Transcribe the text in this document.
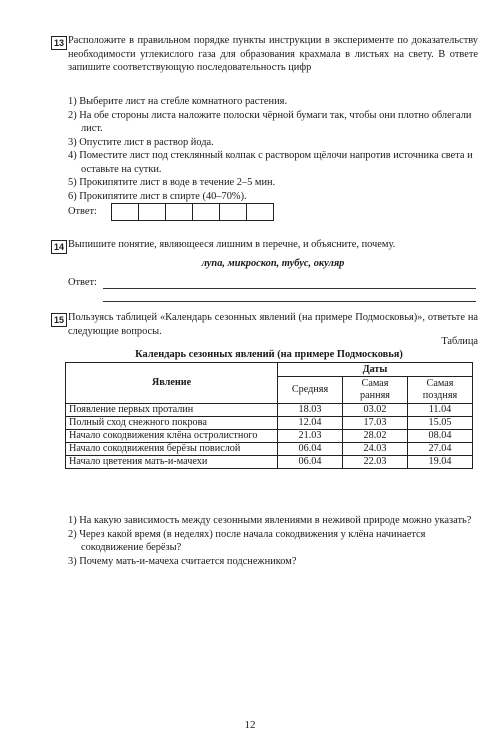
13 Расположите в правильном порядке пункты инструкции в эксперименте по доказательству необходимости углекислого газа для образования крахмала в листьях на свету. В ответе запишите соответствующую последовательность цифр

1) Выберите лист на стебле комнатного растения.

2) На обе стороны листа наложите полоски чёрной бумаги так, чтобы они плотно облегали лист.

3) Опустите лист в раствор йода.

4) Поместите лист под стеклянный колпак с раствором щёлочи напротив источника света и оставьте на сутки.

5) Прокипятите лист в воде в течение 2–5 мин.

6) Прокипятите лист в спирте (40–70%).

Ответ:
14 Выпишите понятие, являющееся лишним в перечне, и объясните, почему.
лупа, микроскоп, тубус, окуляр
Ответ:
15 Пользуясь таблицей «Календарь сезонных явлений (на примере Подмосковья)», ответьте на следующие вопросы.
Таблица
Календарь сезонных явлений (на примере Подмосковья)
Явление	Даты		
	Средняя	Самая ранняя	Самая поздняя
Появление первых проталин	18.03	03.02	11.04
Полный сход снежного покрова	12.04	17.03	15.05
Начало сокодвижения клёна остролистного	21.03	28.02	08.04
Начало сокодвижения берёзы повислой	06.04	24.03	27.04
Начало цветения мать-и-мачехи	06.04	22.03	19.04

1) На какую зависимость между сезонными явлениями в неживой природе можно указать?

2) Через какой время (в неделях) после начала сокодвижения у клёна начинается сокодвижение берёзы?

3) Почему мать-и-мачеха считается подснежником?

12
